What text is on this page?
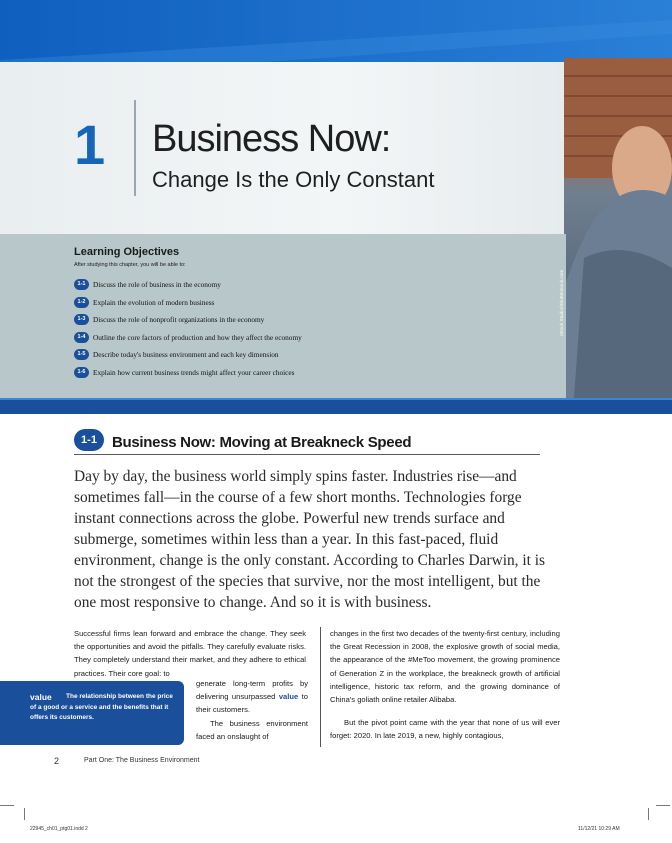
1 Business Now:
Change Is the Only Constant
Learning Objectives
After studying this chapter, you will be able to:
1-1	Discuss the role of business in the economy
1-2	Explain the evolution of modern business
1-3	Discuss the role of nonprofit organizations in the economy
1-4	Outline the core factors of production and how they affect the economy
1-5	Describe today's business environment and each key dimension
1-6	Explain how current business trends might affect your career choices
iStock Studio/Shutterstock.com
1-1	Business Now: Moving at Breakneck Speed

Day by day, the business world simply spins faster. Industries rise—and sometimes fall—in the course of a few short months. Technologies forge instant connections across the globe. Powerful new trends surface and submerge, sometimes within less than a year. In this fast-paced, fluid environment, change is the only constant. According to Charles Darwin, it is not the strongest of the species that survive, nor the most intelligent, but the one most responsive to change. And so it is with business.

Successful firms lean forward and embrace the change. They seek the opportunities and avoid the pitfalls. They carefully evaluate risks. They completely understand their market, and they adhere to ethical practices. Their core goal: to

generate long-term profits by delivering unsurpassed value to their customers.

The business environment faced an onslaught of

changes in the first two decades of the twenty-first century, including the Great Recession in 2008, the explosive growth of social media, the appearance of the #MeToo movement, the growing prominence of Generation Z in the workplace, the breakneck growth of artificial intelligence, historic tax reform, and the growing dominance of China's goliath online retailer Alibaba.

But the pivot point came with the year that none of us will ever forget: 2020. In late 2019, a new, highly contagious,

value	The relationship between the price of a good or a service and the benefits that it offers its customers.
2	Part One: The Business Environment
22945_ch01_ptg01.indd 2	11/12/21 10:29 AM
